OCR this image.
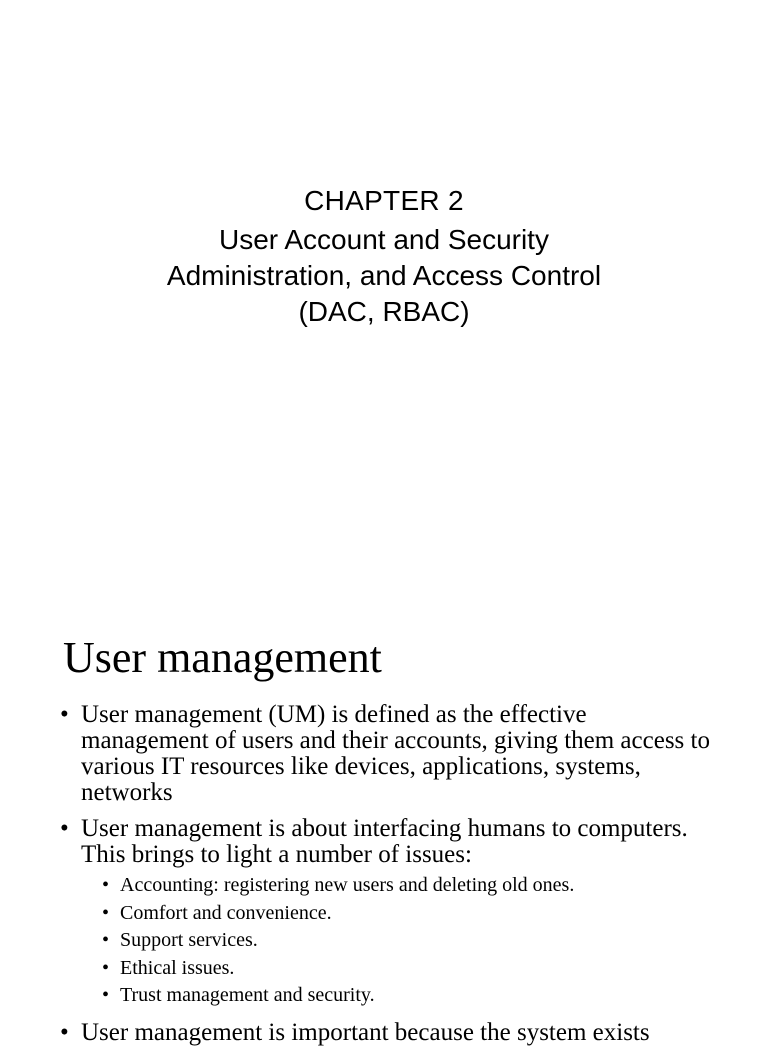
CHAPTER 2
User Account and Security
Administration, and Access Control
(DAC, RBAC)
User management
• User management (UM) is defined as the effective management of users and their accounts, giving them access to various IT resources like devices, applications, systems, networks
• User management is about interfacing humans to computers. This brings to light a number of issues:
• Accounting: registering new users and deleting old ones.
• Comfort and convenience.
• Support services.
• Ethical issues.
• Trust management and security.
• User management is important because the system exists
